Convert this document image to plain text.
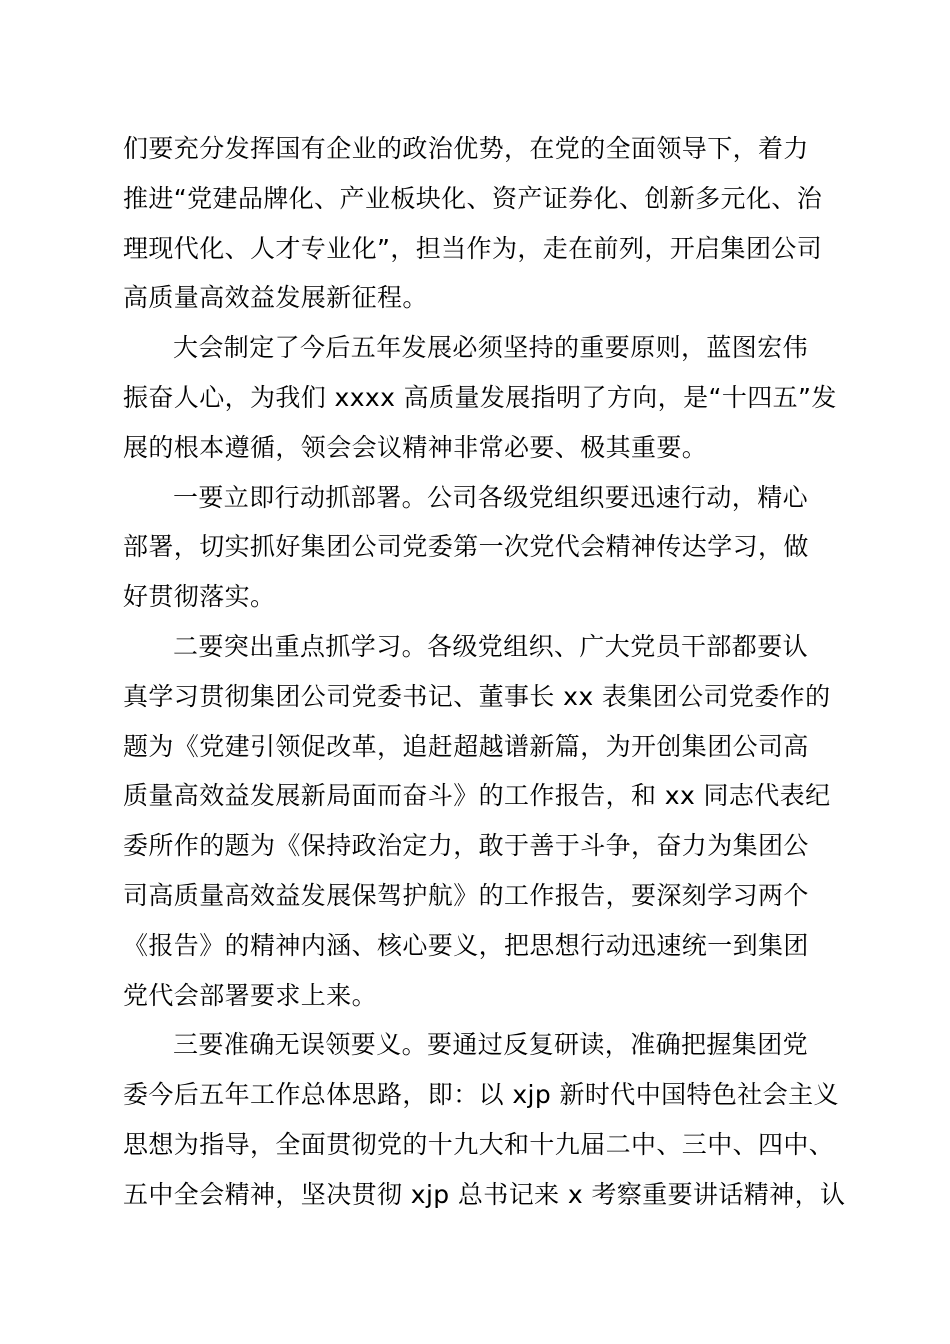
们要充分发挥国有企业的政治优势，在党的全面领导下，着力
推进“党建品牌化、产业板块化、资产证券化、创新多元化、治
理现代化、人才专业化”，担当作为，走在前列，开启集团公司
高质量高效益发展新征程。
大会制定了今后五年发展必须坚持的重要原则，蓝图宏伟
振奋人心，为我们 xxxx 高质量发展指明了方向，是“十四五”发
展的根本遵循，领会会议精神非常必要、极其重要。
一要立即行动抓部署。公司各级党组织要迅速行动，精心
部署，切实抓好集团公司党委第一次党代会精神传达学习，做
好贯彻落实。
二要突出重点抓学习。各级党组织、广大党员干部都要认
真学习贯彻集团公司党委书记、董事长 xx 表集团公司党委作的
题为《党建引领促改革，追赶超越谱新篇，为开创集团公司高
质量高效益发展新局面而奋斗》的工作报告，和 xx 同志代表纪
委所作的题为《保持政治定力，敢于善于斗争，奋力为集团公
司高质量高效益发展保驾护航》的工作报告，要深刻学习两个
《报告》的精神内涵、核心要义，把思想行动迅速统一到集团
党代会部署要求上来。
三要准确无误领要义。要通过反复研读，准确把握集团党
委今后五年工作总体思路，即：以 xjp 新时代中国特色社会主义
思想为指导，全面贯彻党的十九大和十九届二中、三中、四中、
五中全会精神，坚决贯彻 xjp 总书记来 x 考察重要讲话精神，认
